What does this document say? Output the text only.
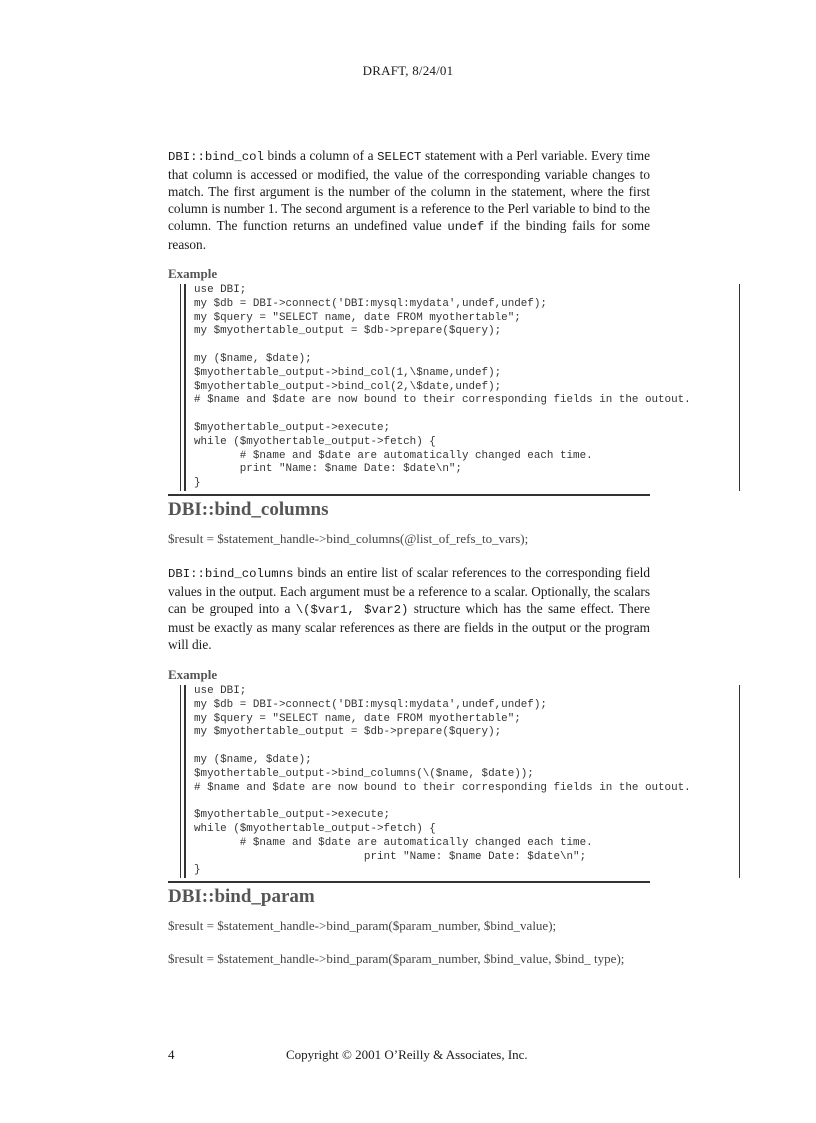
DRAFT, 8/24/01

DBI::bind_col binds a column of a SELECT statement with a Perl variable. Every time that column is accessed or modified, the value of the corresponding variable changes to match. The first argument is the number of the column in the statement, where the first column is number 1. The second argument is a reference to the Perl variable to bind to the column. The function returns an undefined value undef if the binding fails for some reason.

Example
use DBI;
my $db = DBI->connect('DBI:mysql:mydata',undef,undef);
my $query = "SELECT name, date FROM myothertable";
my $myothertable_output = $db->prepare($query);
my ($name, $date);
$myothertable_output->bind_col(1,\$name,undef);
$myothertable_output->bind_col(2,\$date,undef);
# $name and $date are now bound to their corresponding fields in the outout.
$myothertable_output->execute;
while ($myothertable_output->fetch) {
# $name and $date are automatically changed each time.
print "Name: $name Date: $date\n";
}
DBI::bind_columns

$result = $statement_handle->bind_columns(@list_of_refs_to_vars);

DBI::bind_columns binds an entire list of scalar references to the corresponding field values in the output. Each argument must be a reference to a scalar. Optionally, the scalars can be grouped into a \($var1, $var2) structure which has the same effect. There must be exactly as many scalar references as there are fields in the output or the program will die.

Example
use DBI;
my $db = DBI->connect('DBI:mysql:mydata',undef,undef);
my $query = "SELECT name, date FROM myothertable";
my $myothertable_output = $db->prepare($query);
my ($name, $date);
$myothertable_output->bind_columns(\($name, $date));
# $name and $date are now bound to their corresponding fields in the outout.
$myothertable_output->execute;
while ($myothertable_output->fetch) {
# $name and $date are automatically changed each time.
print "Name: $name Date: $date\n";
}
DBI::bind_param

$result = $statement_handle->bind_param($param_number, $bind_value);

$result = $statement_handle->bind_param($param_number, $bind_value, $bind_ type);

4	Copyright © 2001 O’Reilly & Associates, Inc.
